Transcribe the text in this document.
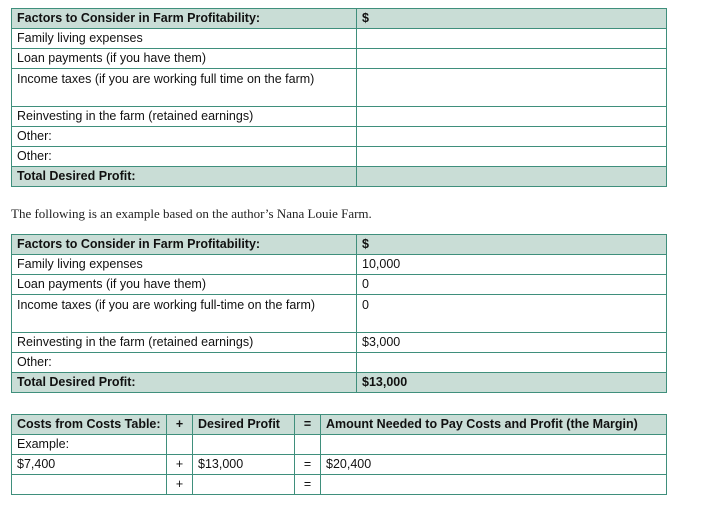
Factors to Consider in Farm Profitability:	$
Family living expenses	
Loan payments (if you have them)	
Income taxes (if you are working full time on the farm)	
Reinvesting in the farm (retained earnings)	
Other:	
Other:	
Total Desired Profit:	
The following is an example based on the author’s Nana Louie Farm.
Factors to Consider in Farm Profitability:	$
Family living expenses	10,000
Loan payments (if you have them)	0
Income taxes (if you are working full-time on the farm)	0
Reinvesting in the farm (retained earnings)	$3,000
Other:	
Total Desired Profit:	$13,000
Costs from Costs Table:	+	Desired Profit	=	Amount Needed to Pay Costs and Profit (the Margin)
Example:				
$7,400	+	$13,000	=	$20,400
	+		=	
